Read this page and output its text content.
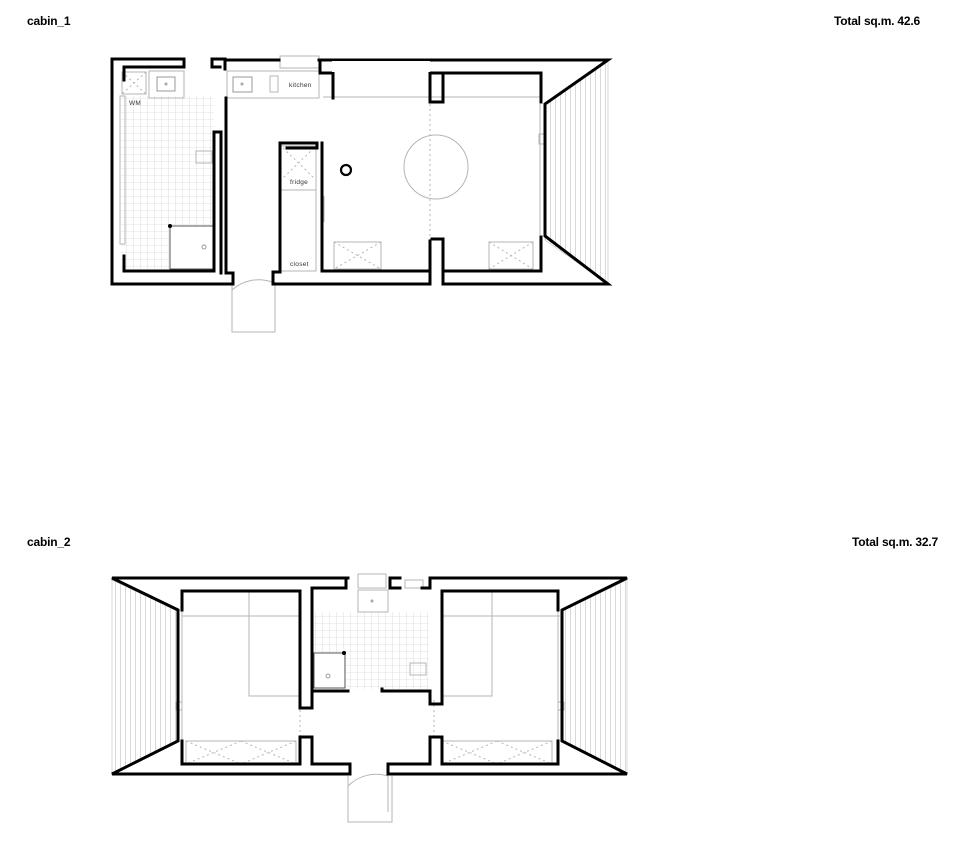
cabin_1	Total sq.m. 42.6
cabin_2	Total sq.m. 32.7
WM
kitchen
fridge
closet
